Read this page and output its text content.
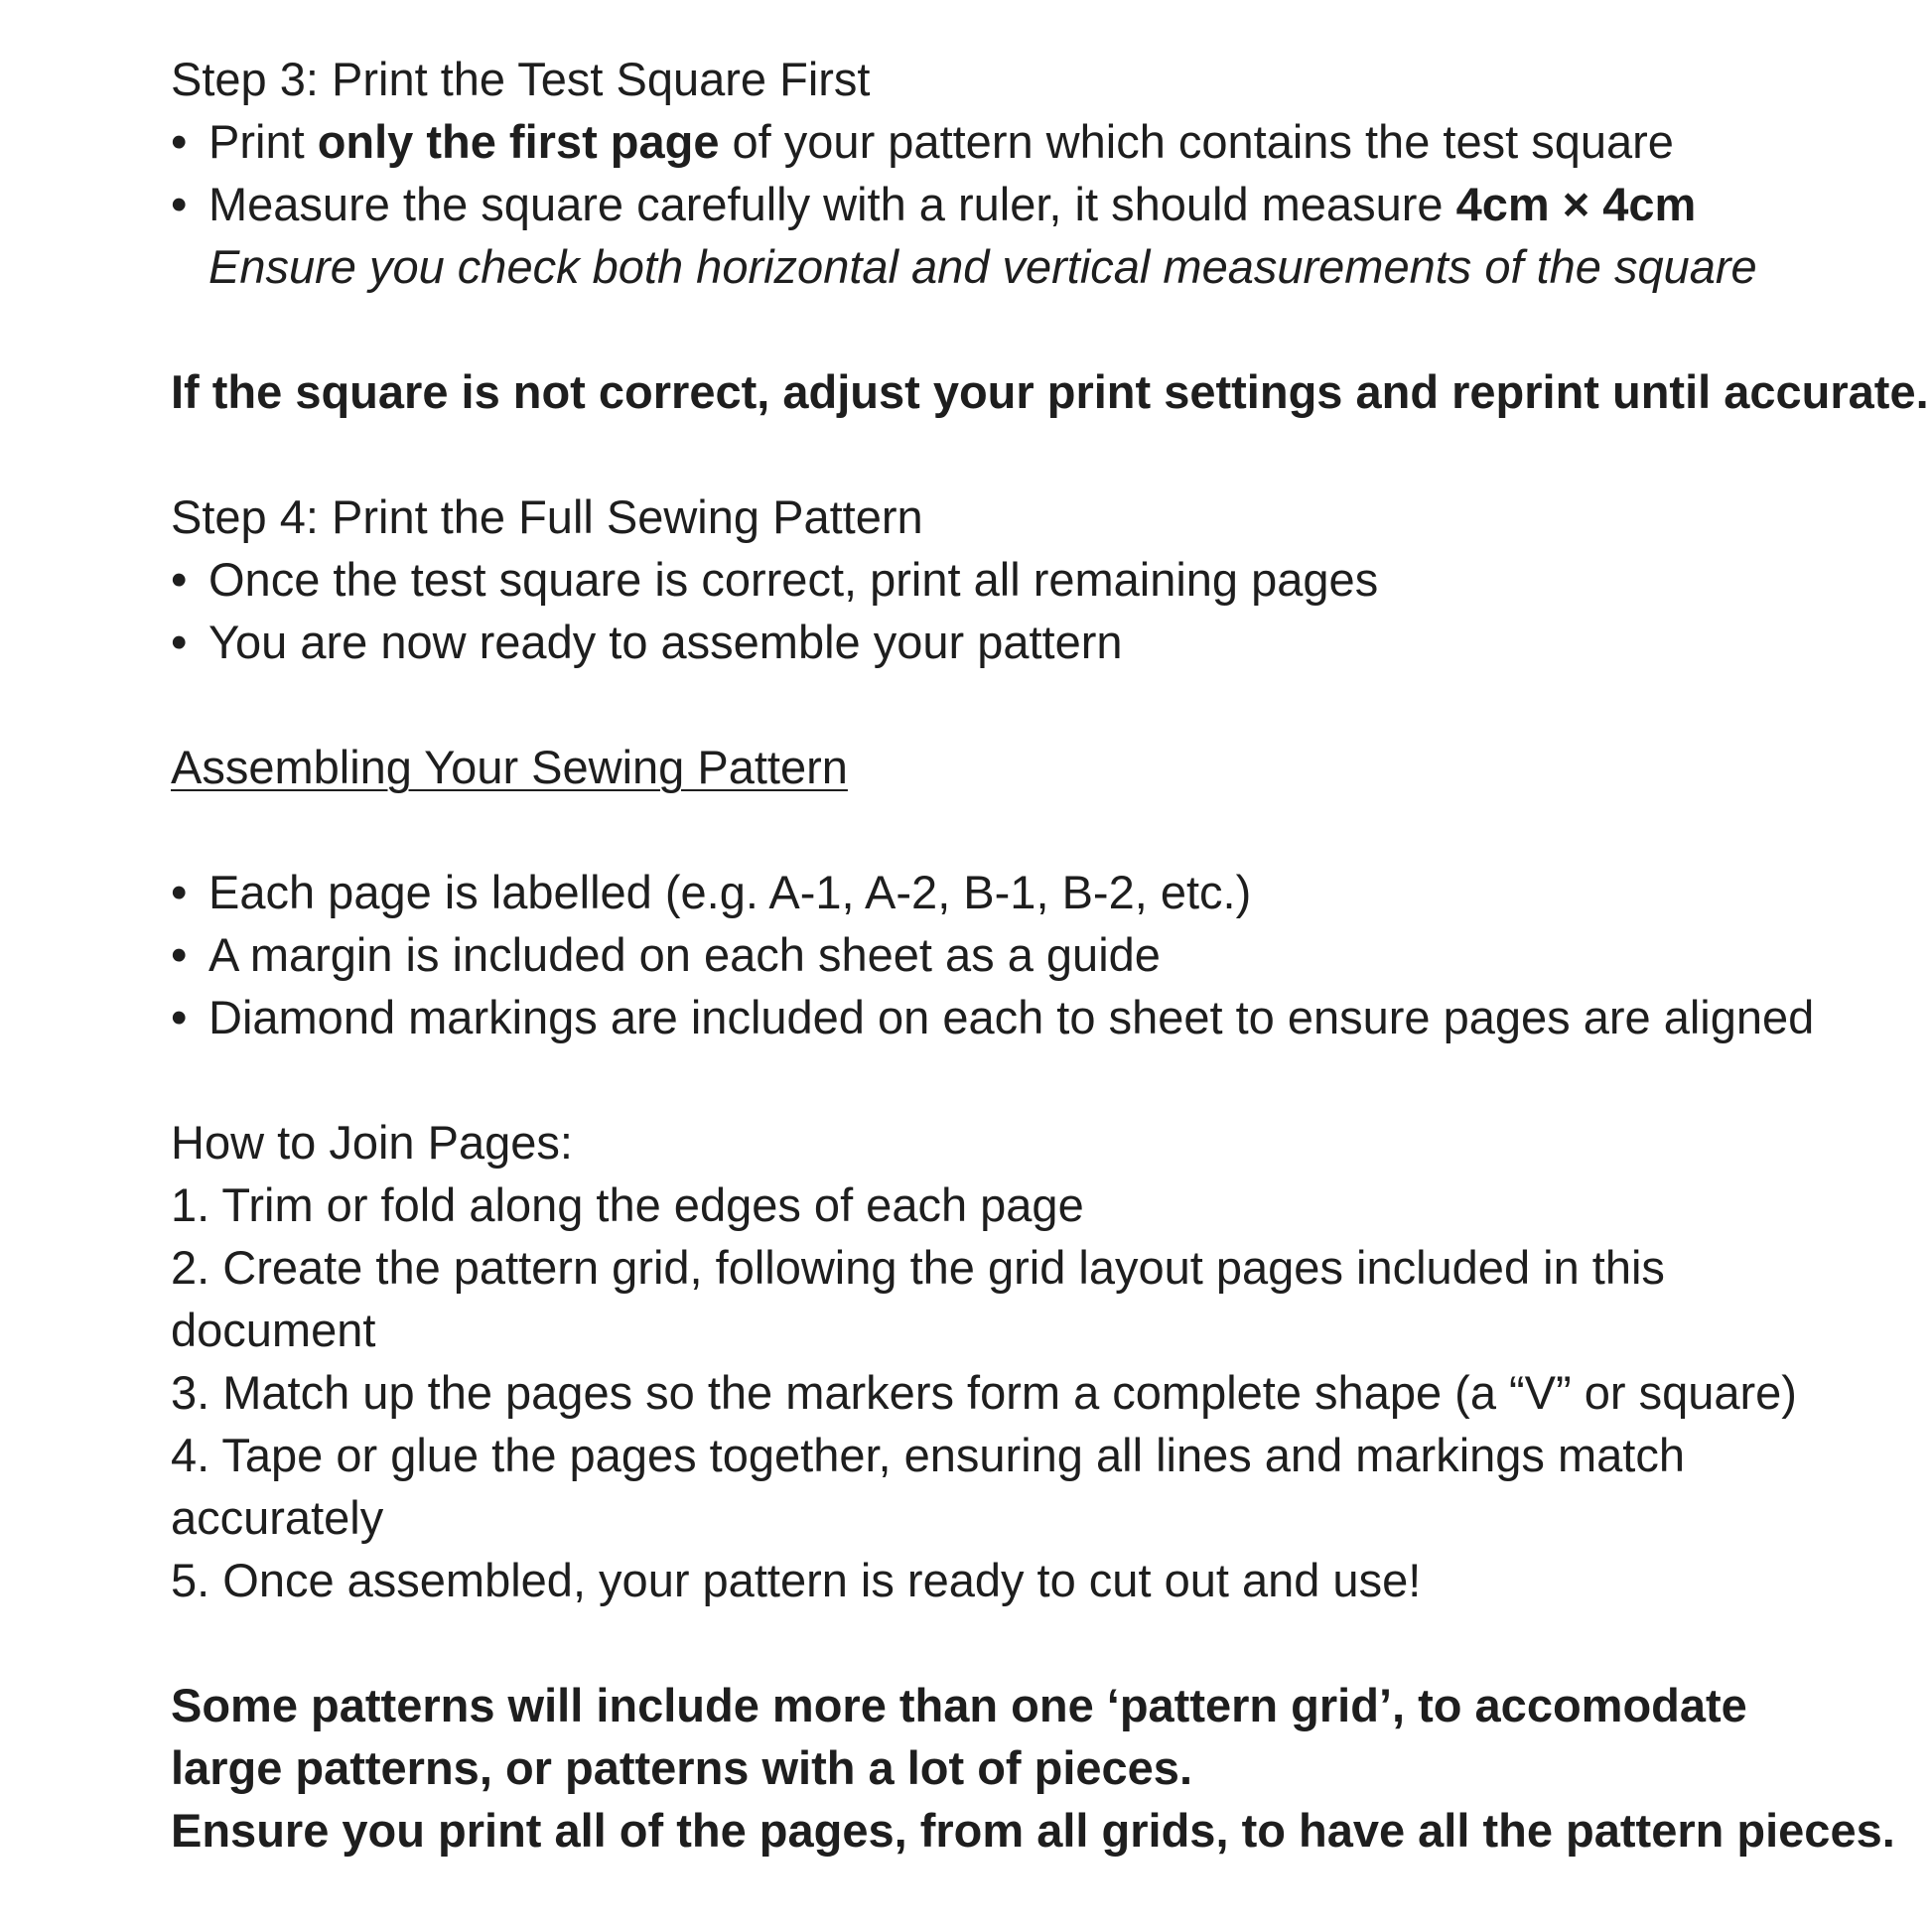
Step 3: Print the Test Square First

• Print only the first page of your pattern which contains the test square
• Measure the square carefully with a ruler, it should measure 4cm × 4cm

Ensure you check both horizontal and vertical measurements of the square

If the square is not correct, adjust your print settings and reprint until accurate.

Step 4: Print the Full Sewing Pattern

• Once the test square is correct, print all remaining pages
• You are now ready to assemble your pattern

Assembling Your Sewing Pattern

• Each page is labelled (e.g. A-1, A-2, B-1, B-2, etc.)
• A margin is included on each sheet as a guide
• Diamond markings are included on each to sheet to ensure pages are aligned

How to Join Pages:

1. Trim or fold along the edges of each page

2. Create the pattern grid, following the grid layout pages included in this document

3. Match up the pages so the markers form a complete shape (a “V” or square)

4. Tape or glue the pages together, ensuring all lines and markings match accurately

5. Once assembled, your pattern is ready to cut out and use!

Some patterns will include more than one ‘pattern grid’, to accomodate large patterns, or patterns with a lot of pieces.

Ensure you print all of the pages, from all grids, to have all the pattern pieces.
